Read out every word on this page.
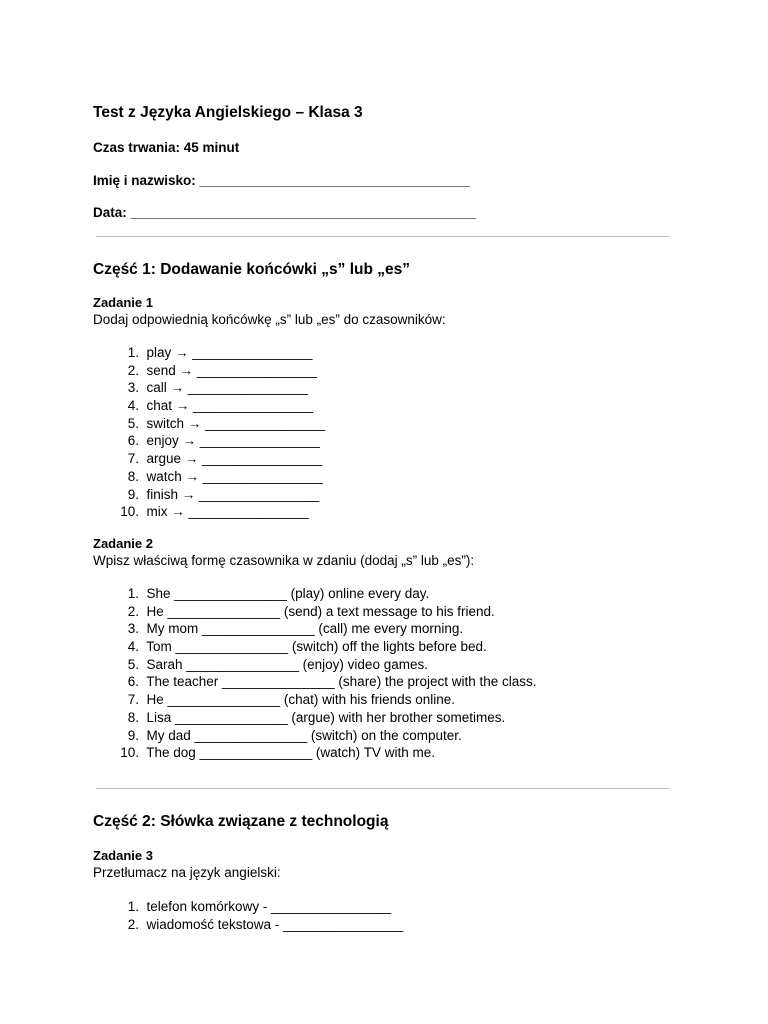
Test z Języka Angielskiego – Klasa 3
Czas trwania: 45 minut
Imię i nazwisko: ____________________________________
Data: ______________________________________________
Część 1: Dodawanie końcówki „s” lub „es”
Zadanie 1
Dodaj odpowiednią końcówkę „s” lub „es” do czasowników:
1. play → ________________
2. send → ________________
3. call → ________________
4. chat → ________________
5. switch → ________________
6. enjoy → ________________
7. argue → ________________
8. watch → ________________
9. finish → ________________
10. mix → ________________
Zadanie 2
Wpisz właściwą formę czasownika w zdaniu (dodaj „s” lub „es”):
1. She _______________ (play) online every day.
2. He _______________ (send) a text message to his friend.
3. My mom _______________ (call) me every morning.
4. Tom _______________ (switch) off the lights before bed.
5. Sarah _______________ (enjoy) video games.
6. The teacher _______________ (share) the project with the class.
7. He _______________ (chat) with his friends online.
8. Lisa _______________ (argue) with her brother sometimes.
9. My dad _______________ (switch) on the computer.
10. The dog _______________ (watch) TV with me.
Część 2: Słówka związane z technologią
Zadanie 3
Przetłumacz na język angielski:
1. telefon komórkowy - ________________
2. wiadomość tekstowa - ________________
